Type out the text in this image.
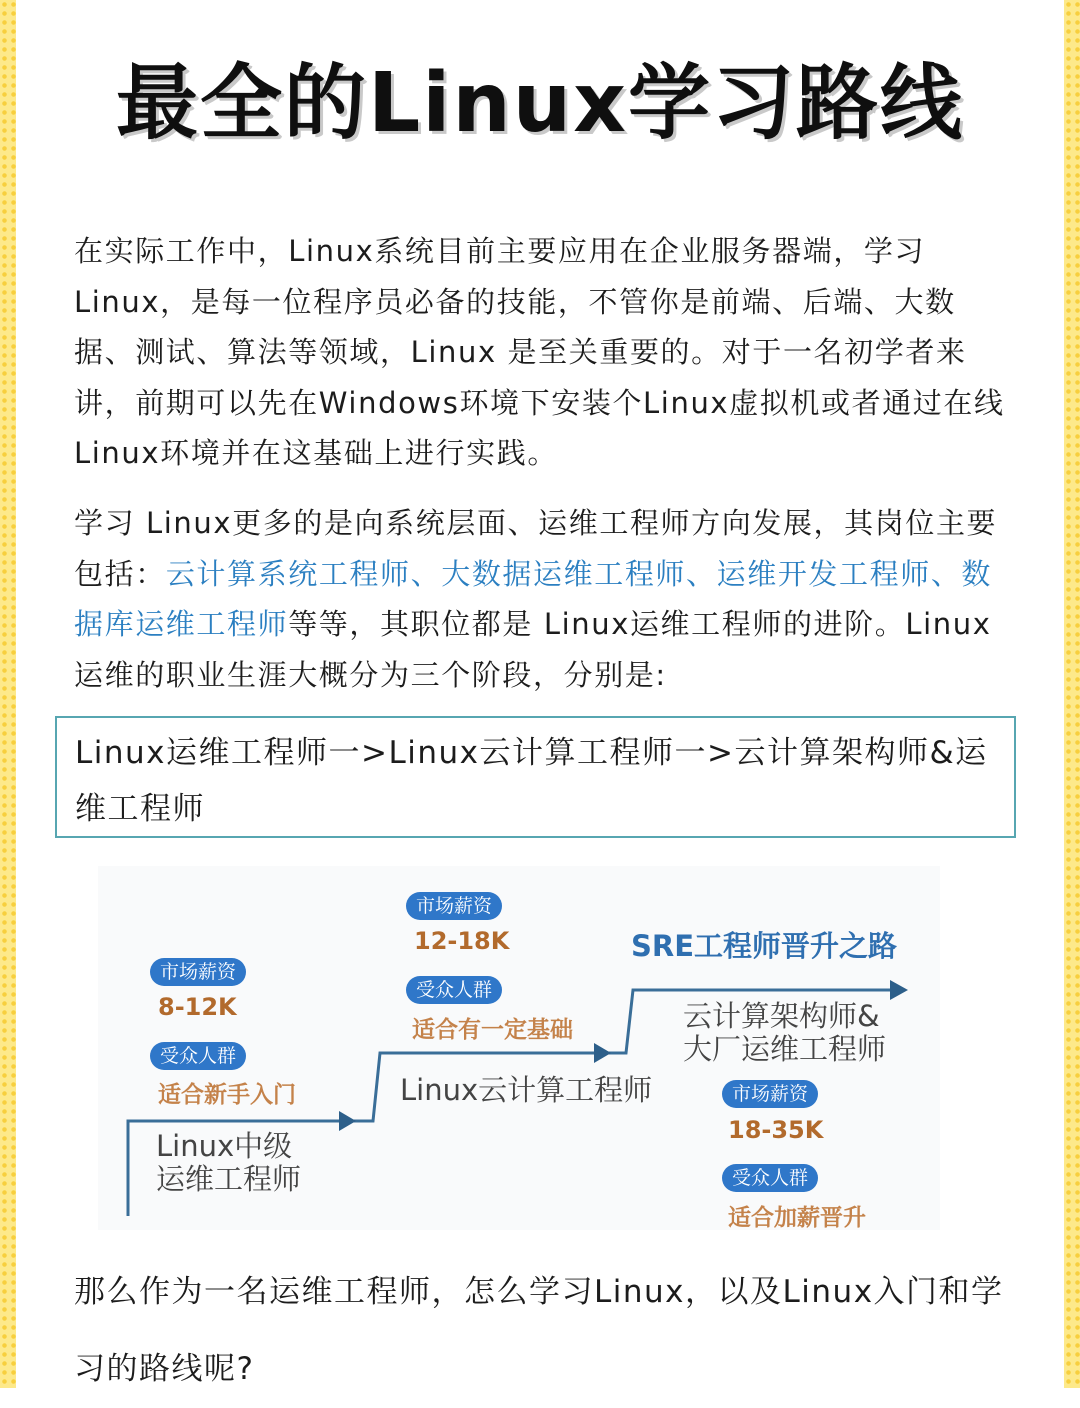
最全的Linux学习路线

在实际工作中，Linux系统目前主要应用在企业服务器端，学习Linux，是每一位程序员必备的技能，不管你是前端、后端、大数据、测试、算法等领域，Linux 是至关重要的。对于一名初学者来讲，前期可以先在Windows环境下安装个Linux虚拟机或者通过在线Linux环境并在这基础上进行实践。

学习 Linux更多的是向系统层面、运维工程师方向发展，其岗位主要包括：云计算系统工程师、大数据运维工程师、运维开发工程师、数据库运维工程师等等，其职位都是 Linux运维工程师的进阶。Linux运维的职业生涯大概分为三个阶段，分别是:

Linux运维工程师一>Linux云计算工程师一>云计算架构师&运维工程师
SRE工程师晋升之路
市场薪资
8-12K
受众人群
适合新手入门
Linux中级
运维工程师
市场薪资
12-18K
受众人群
适合有一定基础
Linux云计算工程师
云计算架构师&
大厂运维工程师
市场薪资
18-35K
受众人群
适合加薪晋升

那么作为一名运维工程师，怎么学习Linux，以及Linux入门和学习的路线呢?
